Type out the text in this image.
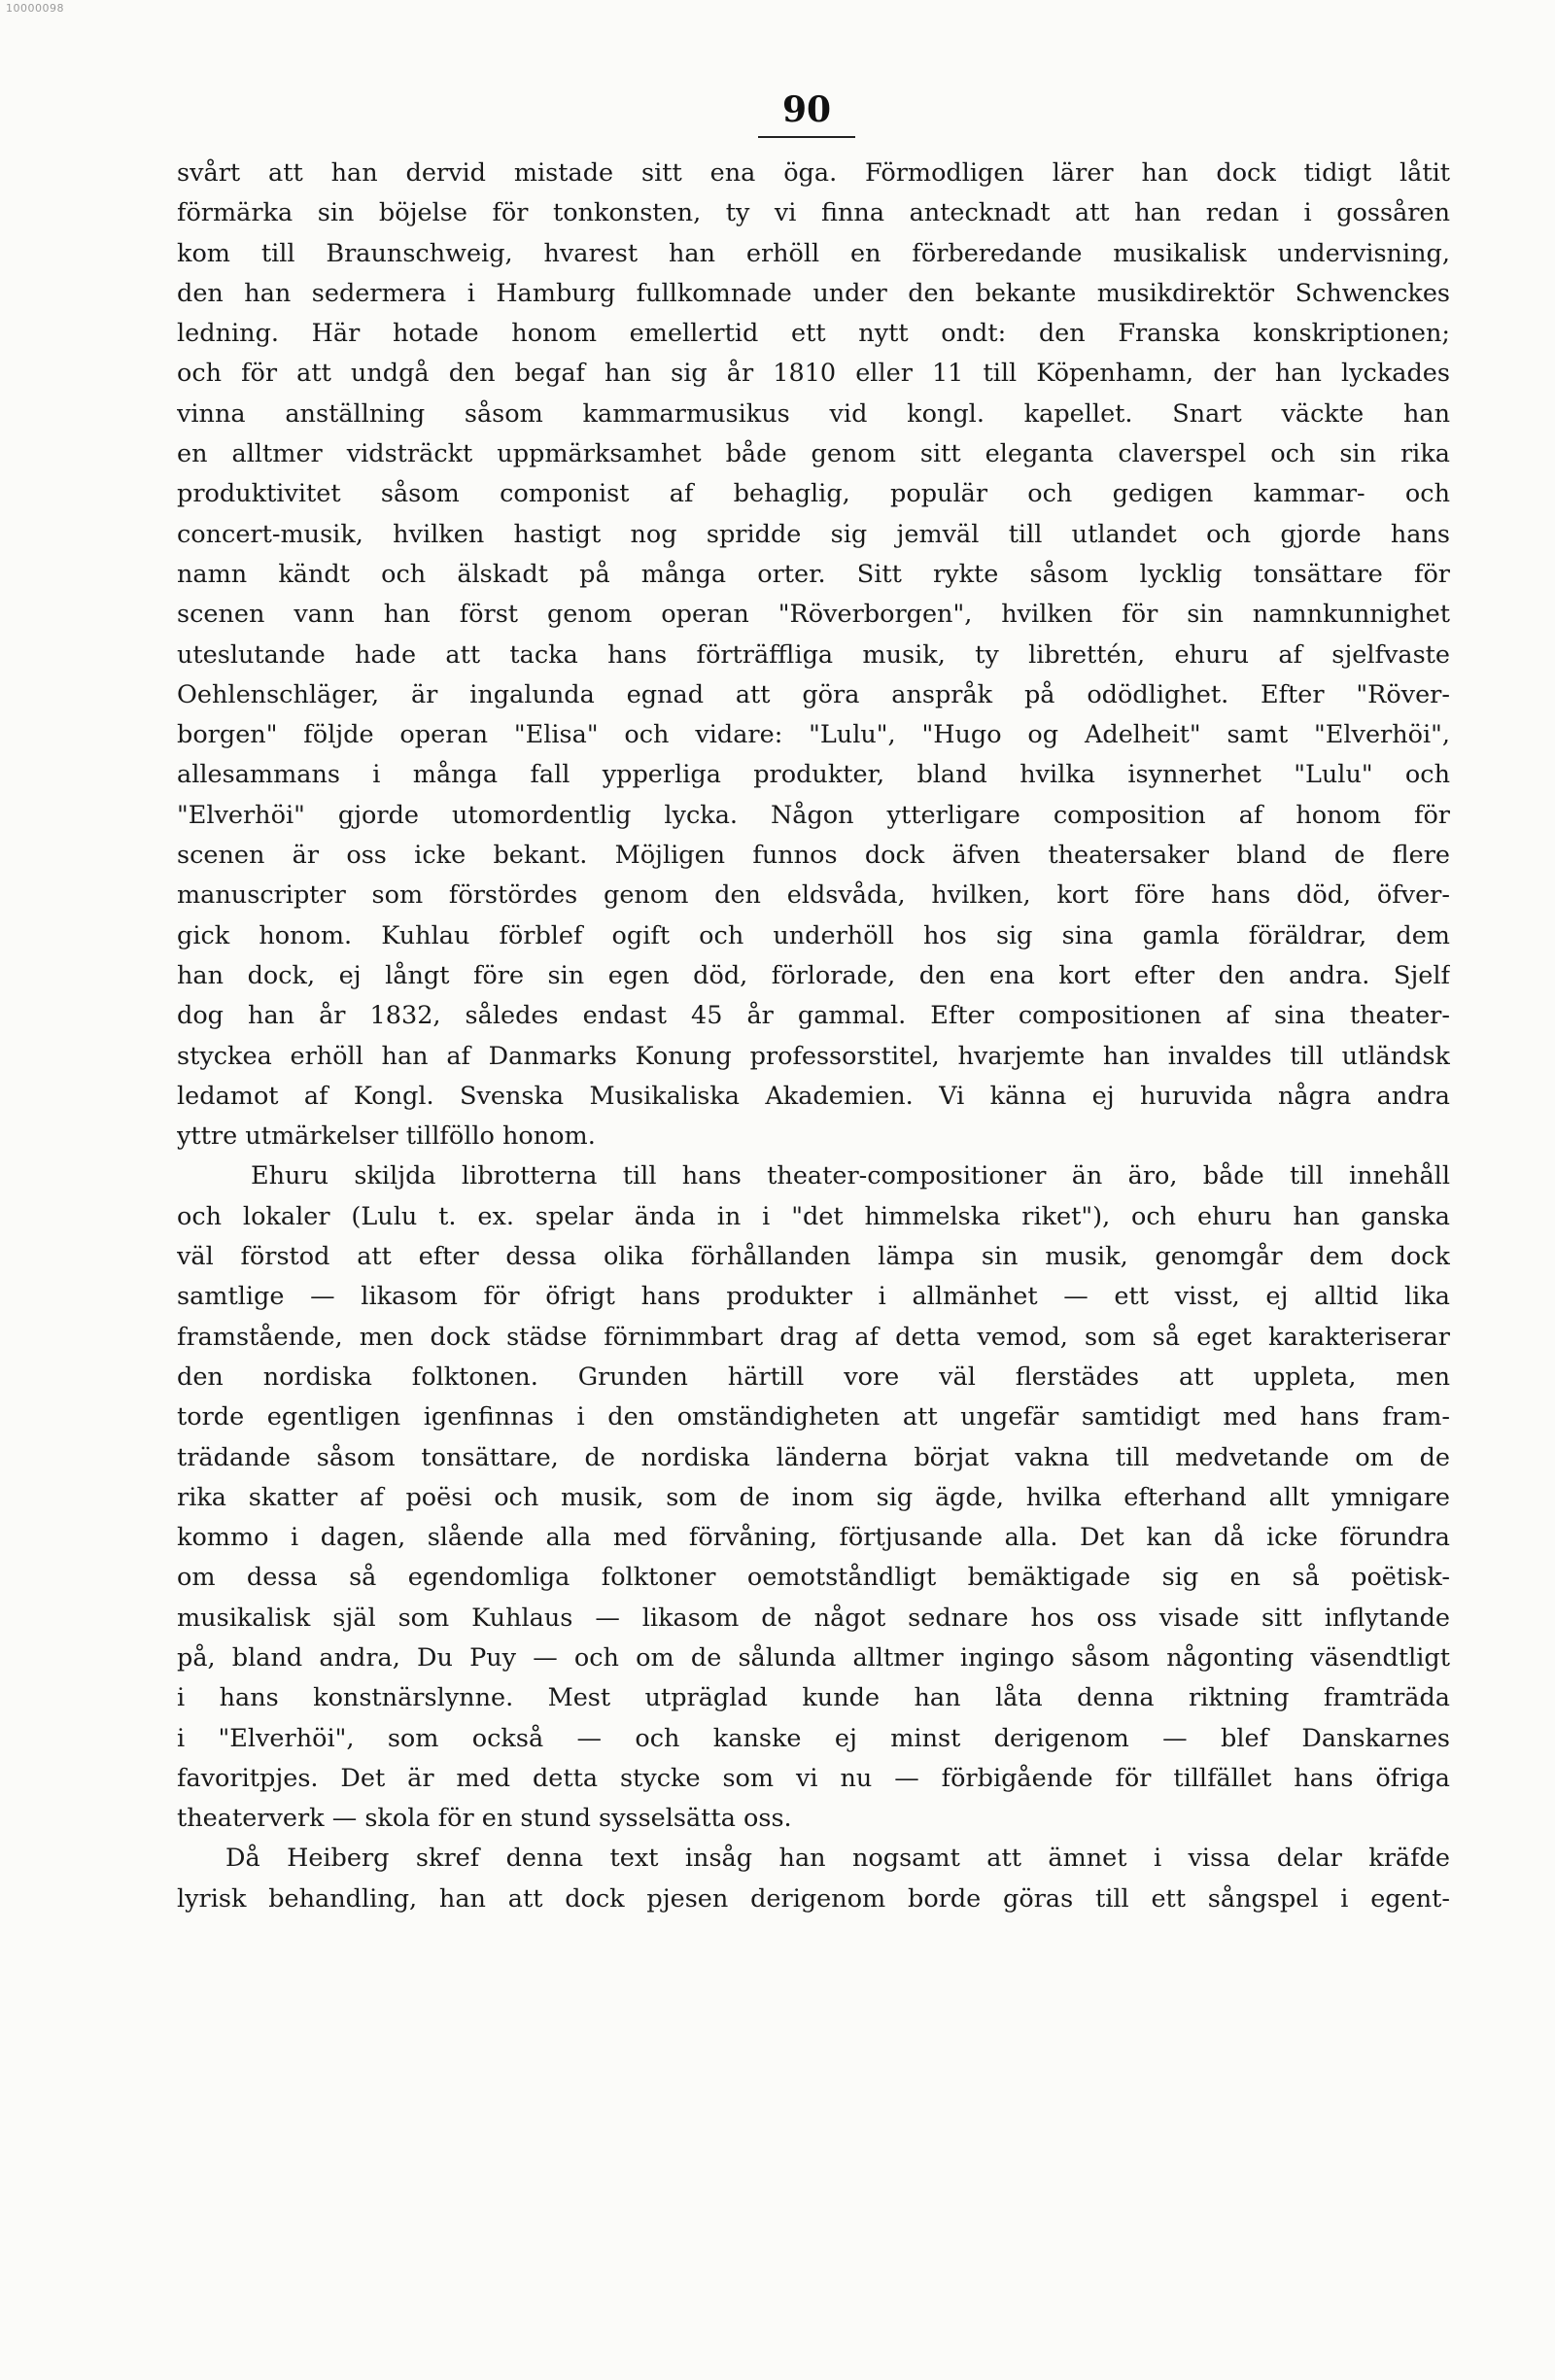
10000098
90
svårt att han dervid mistade sitt ena öga. Förmodligen lärer han dock tidigt låtit
förmärka sin böjelse för tonkonsten, ty vi finna antecknadt att han redan i gossåren
kom till Braunschweig, hvarest han erhöll en förberedande musikalisk undervisning,
den han sedermera i Hamburg fullkomnade under den bekante musikdirektör Schwenckes
ledning. Här hotade honom emellertid ett nytt ondt: den Franska konskriptionen;
och för att undgå den begaf han sig år 1810 eller 11 till Köpenhamn, der han lyckades
vinna anställning såsom kammarmusikus vid kongl. kapellet. Snart väckte han
en alltmer vidsträckt uppmärksamhet både genom sitt eleganta claverspel och sin rika
produktivitet såsom componist af behaglig, populär och gedigen kammar- och
concert-musik, hvilken hastigt nog spridde sig jemväl till utlandet och gjorde hans
namn kändt och älskadt på många orter. Sitt rykte såsom lycklig tonsättare för
scenen vann han först genom operan "Röverborgen", hvilken för sin namnkunnighet
uteslutande hade att tacka hans förträffliga musik, ty librettén, ehuru af sjelfvaste
Oehlenschläger, är ingalunda egnad att göra anspråk på odödlighet. Efter "Röver-
borgen" följde operan "Elisa" och vidare: "Lulu", "Hugo og Adelheit" samt "Elverhöi",
allesammans i många fall ypperliga produkter, bland hvilka isynnerhet "Lulu" och
"Elverhöi" gjorde utomordentlig lycka. Någon ytterligare composition af honom för
scenen är oss icke bekant. Möjligen funnos dock äfven theatersaker bland de flere
manuscripter som förstördes genom den eldsvåda, hvilken, kort före hans död, öfver-
gick honom. Kuhlau förblef ogift och underhöll hos sig sina gamla föräldrar, dem
han dock, ej långt före sin egen död, förlorade, den ena kort efter den andra. Sjelf
dog han år 1832, således endast 45 år gammal. Efter compositionen af sina theater-
styckea erhöll han af Danmarks Konung professorstitel, hvarjemte han invaldes till utländsk
ledamot af Kongl. Svenska Musikaliska Akademien. Vi känna ej huruvida några andra
yttre utmärkelser tillföllo honom.
Ehuru skiljda librotterna till hans theater-compositioner än äro, både till innehåll
och lokaler (Lulu t. ex. spelar ända in i "det himmelska riket"), och ehuru han ganska
väl förstod att efter dessa olika förhållanden lämpa sin musik, genomgår dem dock
samtlige — likasom för öfrigt hans produkter i allmänhet — ett visst, ej alltid lika
framstående, men dock städse förnimmbart drag af detta vemod, som så eget karakteriserar
den nordiska folktonen. Grunden härtill vore väl flerstädes att uppleta, men
torde egentligen igenfinnas i den omständigheten att ungefär samtidigt med hans fram-
trädande såsom tonsättare, de nordiska länderna börjat vakna till medvetande om de
rika skatter af poësi och musik, som de inom sig ägde, hvilka efterhand allt ymnigare
kommo i dagen, slående alla med förvåning, förtjusande alla. Det kan då icke förundra
om dessa så egendomliga folktoner oemotståndligt bemäktigade sig en så poëtisk-
musikalisk själ som Kuhlaus — likasom de något sednare hos oss visade sitt inflytande
på, bland andra, Du Puy — och om de sålunda alltmer ingingo såsom någonting väsendtligt
i hans konstnärslynne. Mest utpräglad kunde han låta denna riktning framträda
i "Elverhöi", som också — och kanske ej minst derigenom — blef Danskarnes
favoritpjes. Det är med detta stycke som vi nu — förbigående för tillfället hans öfriga
theaterverk — skola för en stund sysselsätta oss.
Då Heiberg skref denna text insåg han nogsamt att ämnet i vissa delar kräfde
lyrisk behandling, han att dock pjesen derigenom borde göras till ett sångspel i egent-
